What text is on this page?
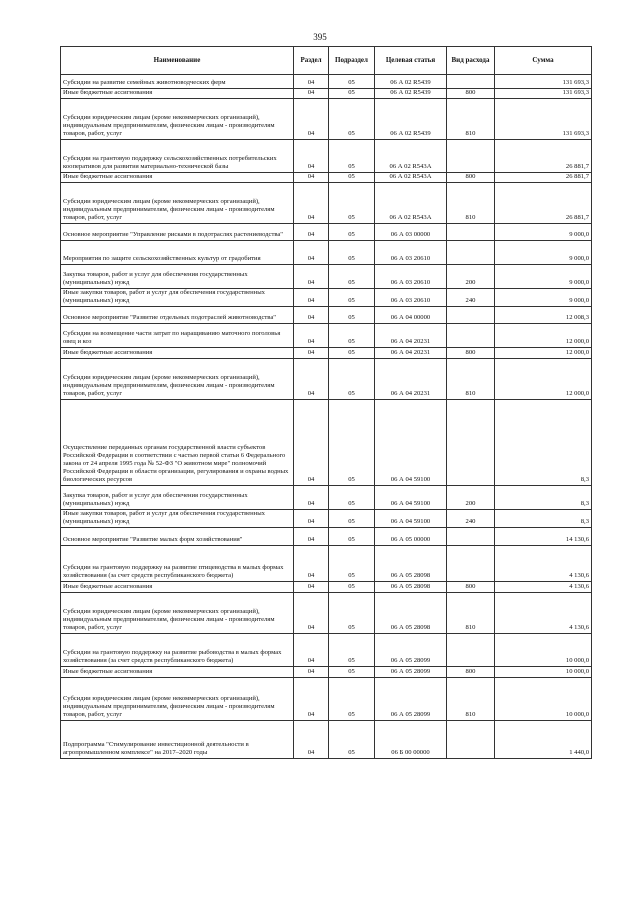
395
Наименование	Раздел	Подраздел	Целевая статья	Вид расхода	Сумма
Субсидии на развитие семейных животноводческих ферм	04	05	06 А 02 R5439		131 693,3
Иные бюджетные ассигнования	04	05	06 А 02 R5439	800	131 693,3
Субсидии юридическим лицам (кроме некоммерческих организаций), индивидуальным предпринимателям, физическим лицам - производителям товаров, работ, услуг	04	05	06 А 02 R5439	810	131 693,3
Субсидии на грантовую поддержку сельскохозяйственных потребительских кооперативов для развития материально-технической базы	04	05	06 А 02 R543А		26 881,7
Иные бюджетные ассигнования	04	05	06 А 02 R543А	800	26 881,7
Субсидии юридическим лицам (кроме некоммерческих организаций), индивидуальным предпринимателям, физическим лицам - производителям товаров, работ, услуг	04	05	06 А 02 R543А	810	26 881,7
Основное мероприятие "Управление рисками в подотраслях растениеводства"	04	05	06 А 03 00000		9 000,0
Мероприятия по защите сельскохозяйственных культур от градобития	04	05	06 А 03 20610		9 000,0
Закупка товаров, работ и услуг для обеспечения государственных (муниципальных) нужд	04	05	06 А 03 20610	200	9 000,0
Иные закупки товаров, работ и услуг для обеспечения государственных (муниципальных) нужд	04	05	06 А 03 20610	240	9 000,0
Основное мероприятие "Развитие отдельных подотраслей животноводства"	04	05	06 А 04 00000		12 008,3
Субсидии на возмещение части затрат по наращиванию маточного поголовья овец и коз	04	05	06 А 04 20231		12 000,0
Иные бюджетные ассигнования	04	05	06 А 04 20231	800	12 000,0
Субсидии юридическим лицам (кроме некоммерческих организаций), индивидуальным предпринимателям, физическим лицам - производителям товаров, работ, услуг	04	05	06 А 04 20231	810	12 000,0
Осуществление переданных органам государственной власти субъектов Российской Федерации в соответствии с частью первой статьи 6 Федерального закона от 24 апреля 1995 года № 52-ФЗ "О животном мире" полномочий Российской Федерации в области организации, регулирования и охраны водных биологических ресурсов	04	05	06 А 04 59100		8,3
Закупка товаров, работ и услуг для обеспечения государственных (муниципальных) нужд	04	05	06 А 04 59100	200	8,3
Иные закупки товаров, работ и услуг для обеспечения государственных (муниципальных) нужд	04	05	06 А 04 59100	240	8,3
Основное мероприятие "Развитие малых форм хозяйствования"	04	05	06 А 05 00000		14 130,6
Субсидии на грантовую поддержку на развитие птицеводства в малых формах хозяйствования (за счет средств республиканского бюджета)	04	05	06 А 05 28098		4 130,6
Иные бюджетные ассигнования	04	05	06 А 05 28098	800	4 130,6
Субсидии юридическим лицам (кроме некоммерческих организаций), индивидуальным предпринимателям, физическим лицам - производителям товаров, работ, услуг	04	05	06 А 05 28098	810	4 130,6
Субсидии на грантовую поддержку на развитие рыбоводства в малых формах хозяйствования (за счет средств республиканского бюджета)	04	05	06 А 05 28099		10 000,0
Иные бюджетные ассигнования	04	05	06 А 05 28099	800	10 000,0
Субсидии юридическим лицам (кроме некоммерческих организаций), индивидуальным предпринимателям, физическим лицам - производителям товаров, работ, услуг	04	05	06 А 05 28099	810	10 000,0
Подпрограмма "Стимулирование инвестиционной деятельности в агропромышленном комплексе" на 2017–2020 годы	04	05	06 Б 00 00000		1 440,0
